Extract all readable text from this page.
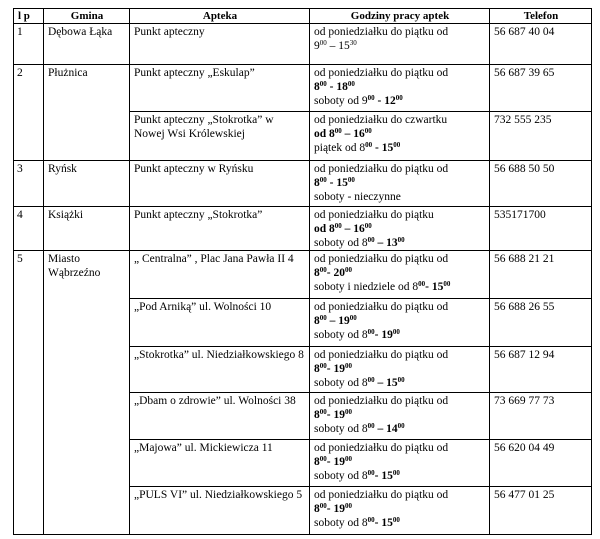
l p	Gmina	Apteka	Godziny pracy aptek	Telefon
1	Dębowa Łąka	Punkt apteczny	od poniedziałku do piątku od

$9^{00} - 15^{30}$	56 687 40 04
2	Płużnica	Punkt apteczny „Eskulap”	od poniedziałku do piątku od

$8^{00} - 18^{00}$

soboty od $9^{00} - 12^{00}$	56 687 39 65
		Punkt apteczny „Stokrotka” w Nowej Wsi Królewskiej	od poniedziałku do czwartku

od $8^{00} - 16^{00}$

piątek od $8^{00} - 15^{00}$	732 555 235
3	Ryńsk	Punkt apteczny w Ryńsku	od poniedziałku do piątku od

$8^{00} - 15^{00}$

soboty - nieczynne	56 688 50 50
4	Książki	Punkt apteczny „Stokrotka”	od poniedziałku do piątku

od $8^{00} - 16^{00}$

soboty od $8^{00} - 13^{00}$	535171700
5	Miasto Wąbrzeźno	„ Centralna” , Plac Jana Pawła II 4	od poniedziałku do piątku od

$8^{00}-$ $20^{00}$

soboty i niedziele od $8^{00}-$ $15^{00}$	56 688 21 21
		„Pod Arniką” ul. Wolności 10	od poniedziałku do piątku od

$8^{00} - 19^{00}$

soboty od $8^{00}-$ $19^{00}$	56 688 26 55
		„Stokrotka” ul. Niedziałkowskiego 8	od poniedziałku do piątku od

$8^{00}-$ $19^{00}$

soboty od $8^{00} - 15^{00}$	56 687 12 94
		„Dbam o zdrowie” ul. Wolności 38	od poniedziałku do piątku od

$8^{00}-$ $19^{00}$

soboty od $8^{00} - 14^{00}$	73 669 77 73
		„Majowa” ul. Mickiewicza 11	od poniedziałku do piątku od

$8^{00}-$ $19^{00}$

soboty od $8^{00}-$ $15^{00}$	56 620 04 49
		„PULS VI” ul. Niedziałkowskiego 5	od poniedziałku do piątku od

$8^{00}-$ $19^{00}$

soboty od $8^{00}-$ $15^{00}$	56 477 01 25
